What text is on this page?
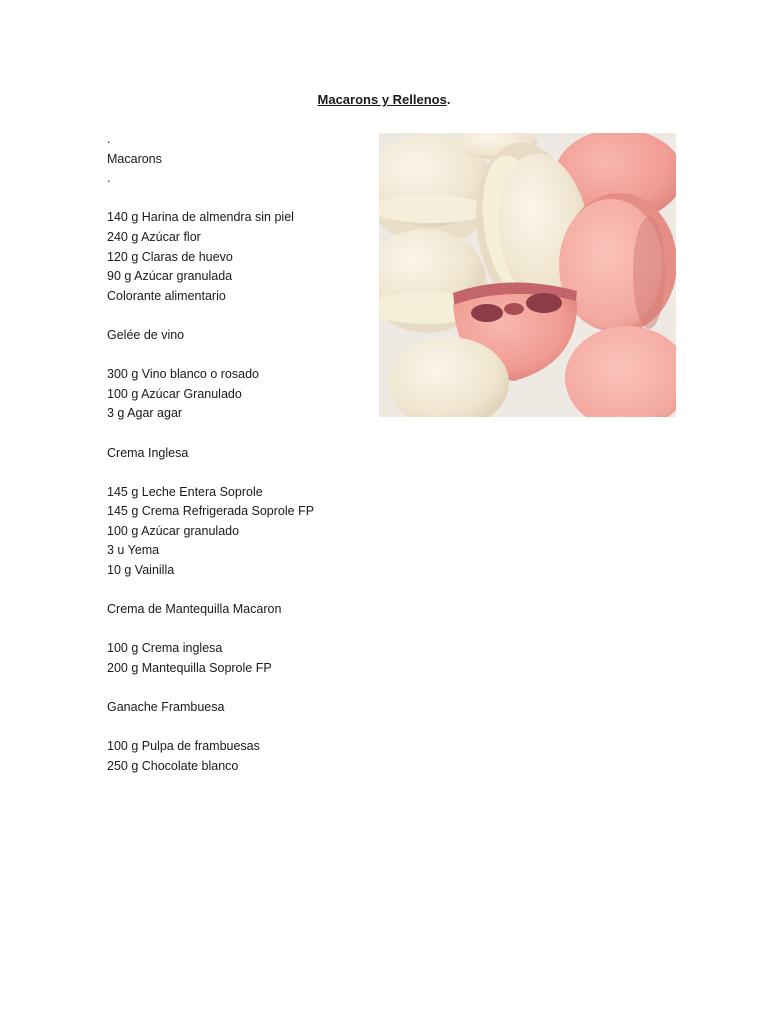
Macarons y Rellenos.
.
Macarons
.
140 g Harina de almendra sin piel
240 g Azúcar flor
120 g Claras de huevo
90 g Azúcar granulada
Colorante alimentario
Gelée de vino
300 g Vino blanco o rosado
100 g Azúcar Granulado
3 g Agar agar
Crema Inglesa
145 g Leche Entera Soprole
145 g Crema Refrigerada Soprole FP
100 g Azúcar granulado
3 u Yema
10 g Vainilla
Crema de Mantequilla Macaron
100 g Crema inglesa
200 g Mantequilla Soprole FP
Ganache Frambuesa
100 g Pulpa de frambuesas
250 g Chocolate blanco
